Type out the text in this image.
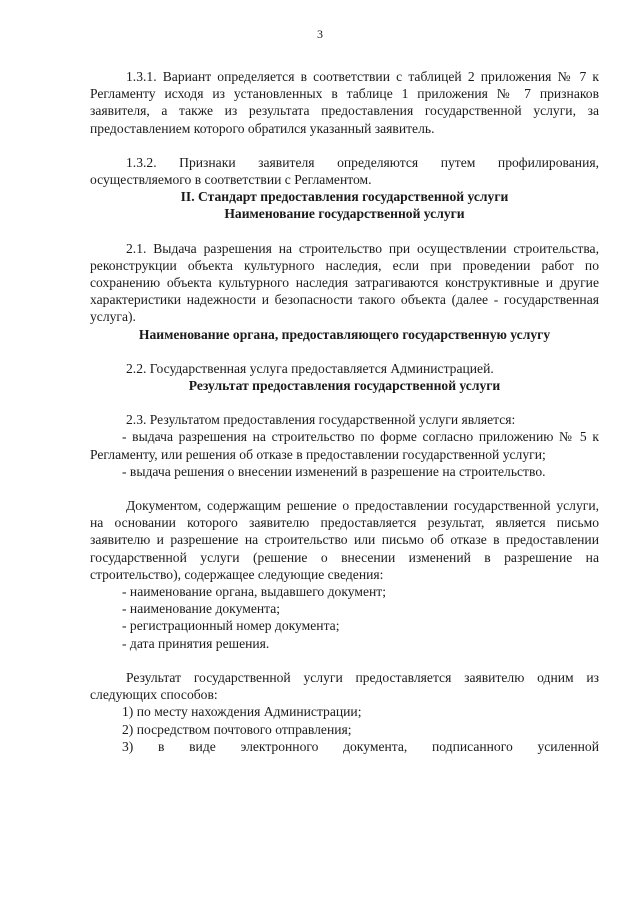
3

1.3.1. Вариант определяется в соответствии с таблицей 2 приложения № 7 к Регламенту исходя из установленных в таблице 1 приложения № 7 признаков заявителя, а также из результата предоставления государственной услуги, за предоставлением которого обратился указанный заявитель.

1.3.2. Признаки заявителя определяются путем профилирования, осуществляемого в соответствии с Регламентом.

II. Стандарт предоставления государственной услуги

Наименование государственной услуги

2.1. Выдача разрешения на строительство при осуществлении строительства, реконструкции объекта культурного наследия, если при проведении работ по сохранению объекта культурного наследия затрагиваются конструктивные и другие характеристики надежности и безопасности такого объекта (далее - государственная услуга).

Наименование органа, предоставляющего государственную услугу

2.2. Государственная услуга предоставляется Администрацией.

Результат предоставления государственной услуги

2.3. Результатом предоставления государственной услуги является:

- выдача разрешения на строительство по форме согласно приложению № 5 к Регламенту, или решения об отказе в предоставлении государственной услуги;

- выдача решения о внесении изменений в разрешение на строительство.

Документом, содержащим решение о предоставлении государственной услуги, на основании которого заявителю предоставляется результат, является письмо заявителю и разрешение на строительство или письмо об отказе в предоставлении государственной услуги (решение о внесении изменений в разрешение на строительство), содержащее следующие сведения:

- наименование органа, выдавшего документ;

- наименование документа;

- регистрационный номер документа;

- дата принятия решения.

Результат государственной услуги предоставляется заявителю одним из следующих способов:

1) по месту нахождения Администрации;

2) посредством почтового отправления;

3) в виде электронного документа, подписанного усиленной
